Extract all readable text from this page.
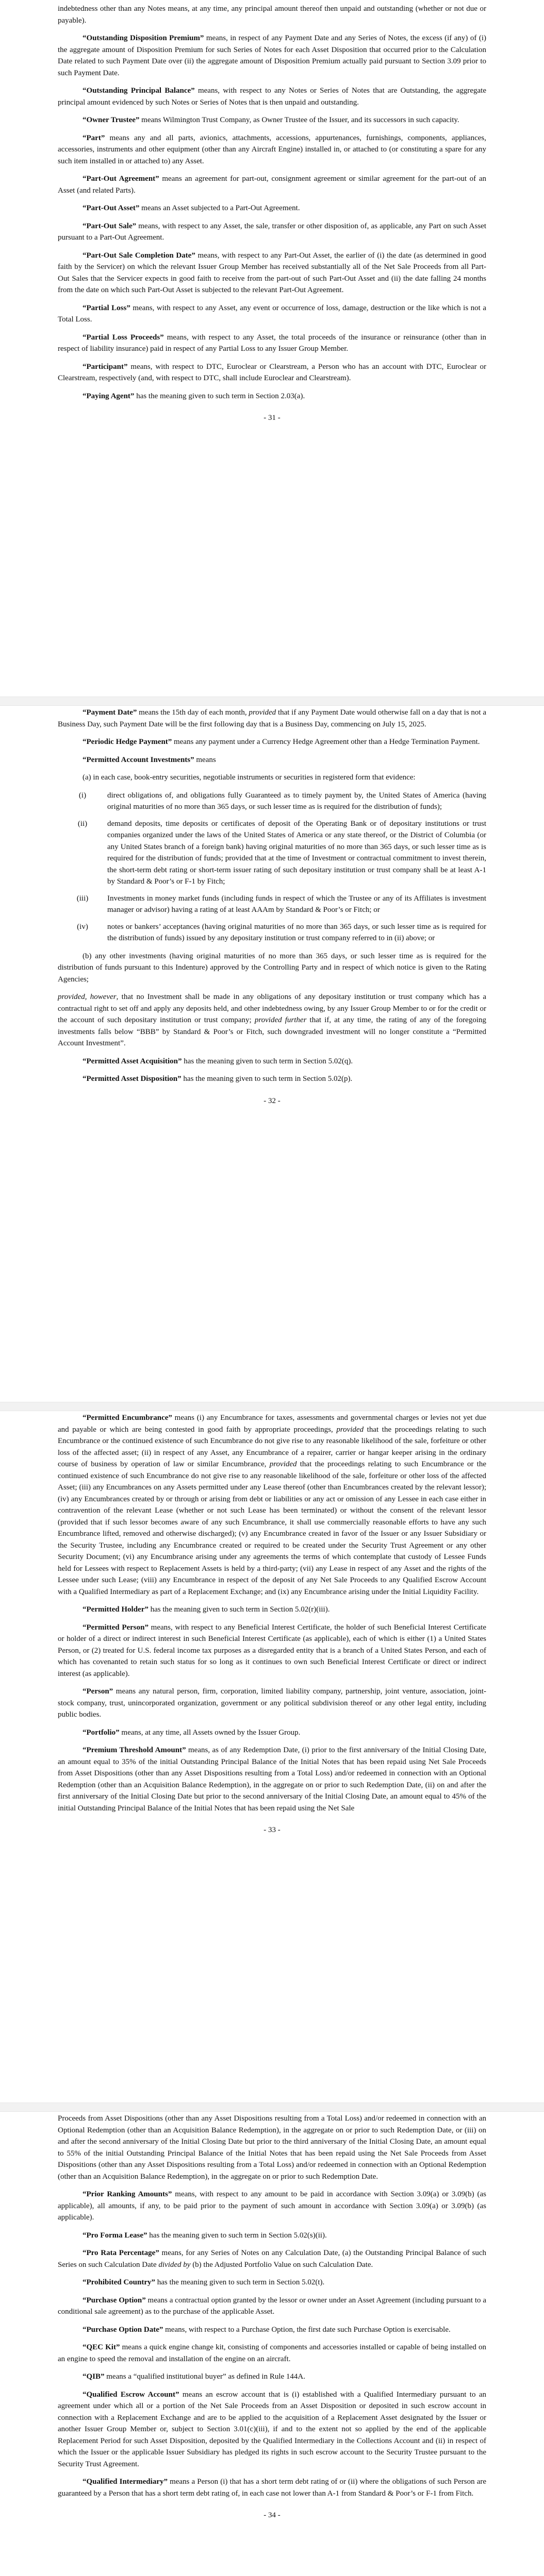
indebtedness other than any Notes means, at any time, any principal amount thereof then unpaid and outstanding (whether or not due or payable).

“Outstanding Disposition Premium” means, in respect of any Payment Date and any Series of Notes, the excess (if any) of (i) the aggregate amount of Disposition Premium for such Series of Notes for each Asset Disposition that occurred prior to the Calculation Date related to such Payment Date over (ii) the aggregate amount of Disposition Premium actually paid pursuant to Section 3.09 prior to such Payment Date.

“Outstanding Principal Balance” means, with respect to any Notes or Series of Notes that are Outstanding, the aggregate principal amount evidenced by such Notes or Series of Notes that is then unpaid and outstanding.

“Owner Trustee” means Wilmington Trust Company, as Owner Trustee of the Issuer, and its successors in such capacity.

“Part” means any and all parts, avionics, attachments, accessions, appurtenances, furnishings, components, appliances, accessories, instruments and other equipment (other than any Aircraft Engine) installed in, or attached to (or constituting a spare for any such item installed in or attached to) any Asset.

“Part-Out Agreement” means an agreement for part-out, consignment agreement or similar agreement for the part-out of an Asset (and related Parts).

“Part-Out Asset” means an Asset subjected to a Part-Out Agreement.

“Part-Out Sale” means, with respect to any Asset, the sale, transfer or other disposition of, as applicable, any Part on such Asset pursuant to a Part-Out Agreement.

“Part-Out Sale Completion Date” means, with respect to any Part-Out Asset, the earlier of (i) the date (as determined in good faith by the Servicer) on which the relevant Issuer Group Member has received substantially all of the Net Sale Proceeds from all Part-Out Sales that the Servicer expects in good faith to receive from the part-out of such Part-Out Asset and (ii) the date falling 24 months from the date on which such Part-Out Asset is subjected to the relevant Part-Out Agreement.

“Partial Loss” means, with respect to any Asset, any event or occurrence of loss, damage, destruction or the like which is not a Total Loss.

“Partial Loss Proceeds” means, with respect to any Asset, the total proceeds of the insurance or reinsurance (other than in respect of liability insurance) paid in respect of any Partial Loss to any Issuer Group Member.

“Participant” means, with respect to DTC, Euroclear or Clearstream, a Person who has an account with DTC, Euroclear or Clearstream, respectively (and, with respect to DTC, shall include Euroclear and Clearstream).

“Paying Agent” has the meaning given to such term in Section 2.03(a).

- 31 -

“Payment Date” means the 15th day of each month, provided that if any Payment Date would otherwise fall on a day that is not a Business Day, such Payment Date will be the first following day that is a Business Day, commencing on July 15, 2025.

“Periodic Hedge Payment” means any payment under a Currency Hedge Agreement other than a Hedge Termination Payment.

“Permitted Account Investments” means

(a) in each case, book-entry securities, negotiable instruments or securities in registered form that evidence:

(i)	direct obligations of, and obligations fully Guaranteed as to timely payment by, the United States of America (having original maturities of no more than 365 days, or such lesser time as is required for the distribution of funds);
(ii)	demand deposits, time deposits or certificates of deposit of the Operating Bank or of depositary institutions or trust companies organized under the laws of the United States of America or any state thereof, or the District of Columbia (or any United States branch of a foreign bank) having original maturities of no more than 365 days, or such lesser time as is required for the distribution of funds; provided that at the time of Investment or contractual commitment to invest therein, the short-term debt rating or short-term issuer rating of such depositary institution or trust company shall be at least A-1 by Standard & Poor’s or F-1 by Fitch;
(iii)	Investments in money market funds (including funds in respect of which the Trustee or any of its Affiliates is investment manager or advisor) having a rating of at least AAAm by Standard & Poor’s or Fitch; or
(iv)	notes or bankers’ acceptances (having original maturities of no more than 365 days, or such lesser time as is required for the distribution of funds) issued by any depositary institution or trust company referred to in (ii) above; or

(b) any other investments (having original maturities of no more than 365 days, or such lesser time as is required for the distribution of funds pursuant to this Indenture) approved by the Controlling Party and in respect of which notice is given to the Rating Agencies;

provided, however, that no Investment shall be made in any obligations of any depositary institution or trust company which has a contractual right to set off and apply any deposits held, and other indebtedness owing, by any Issuer Group Member to or for the credit or the account of such depositary institution or trust company; provided further that if, at any time, the rating of any of the foregoing investments falls below “BBB” by Standard & Poor’s or Fitch, such downgraded investment will no longer constitute a “Permitted Account Investment”.

“Permitted Asset Acquisition” has the meaning given to such term in Section 5.02(q).

“Permitted Asset Disposition” has the meaning given to such term in Section 5.02(p).

- 32 -

“Permitted Encumbrance” means (i) any Encumbrance for taxes, assessments and governmental charges or levies not yet due and payable or which are being contested in good faith by appropriate proceedings, provided that the proceedings relating to such Encumbrance or the continued existence of such Encumbrance do not give rise to any reasonable likelihood of the sale, forfeiture or other loss of the affected asset; (ii) in respect of any Asset, any Encumbrance of a repairer, carrier or hangar keeper arising in the ordinary course of business by operation of law or similar Encumbrance, provided that the proceedings relating to such Encumbrance or the continued existence of such Encumbrance do not give rise to any reasonable likelihood of the sale, forfeiture or other loss of the affected Asset; (iii) any Encumbrances on any Assets permitted under any Lease thereof (other than Encumbrances created by the relevant lessor); (iv) any Encumbrances created by or through or arising from debt or liabilities or any act or omission of any Lessee in each case either in contravention of the relevant Lease (whether or not such Lease has been terminated) or without the consent of the relevant lessor (provided that if such lessor becomes aware of any such Encumbrance, it shall use commercially reasonable efforts to have any such Encumbrance lifted, removed and otherwise discharged); (v) any Encumbrance created in favor of the Issuer or any Issuer Subsidiary or the Security Trustee, including any Encumbrance created or required to be created under the Security Trust Agreement or any other Security Document; (vi) any Encumbrance arising under any agreements the terms of which contemplate that custody of Lessee Funds held for Lessees with respect to Replacement Assets is held by a third-party; (vii) any Lease in respect of any Asset and the rights of the Lessee under such Lease; (viii) any Encumbrance in respect of the deposit of any Net Sale Proceeds to any Qualified Escrow Account with a Qualified Intermediary as part of a Replacement Exchange; and (ix) any Encumbrance arising under the Initial Liquidity Facility.

“Permitted Holder” has the meaning given to such term in Section 5.02(r)(iii).

“Permitted Person” means, with respect to any Beneficial Interest Certificate, the holder of such Beneficial Interest Certificate or holder of a direct or indirect interest in such Beneficial Interest Certificate (as applicable), each of which is either (1) a United States Person, or (2) treated for U.S. federal income tax purposes as a disregarded entity that is a branch of a United States Person, and each of which has covenanted to retain such status for so long as it continues to own such Beneficial Interest Certificate or direct or indirect interest (as applicable).

“Person” means any natural person, firm, corporation, limited liability company, partnership, joint venture, association, joint-stock company, trust, unincorporated organization, government or any political subdivision thereof or any other legal entity, including public bodies.

“Portfolio” means, at any time, all Assets owned by the Issuer Group.

“Premium Threshold Amount” means, as of any Redemption Date, (i) prior to the first anniversary of the Initial Closing Date, an amount equal to 35% of the initial Outstanding Principal Balance of the Initial Notes that has been repaid using Net Sale Proceeds from Asset Dispositions (other than any Asset Dispositions resulting from a Total Loss) and/or redeemed in connection with an Optional Redemption (other than an Acquisition Balance Redemption), in the aggregate on or prior to such Redemption Date, (ii) on and after the first anniversary of the Initial Closing Date but prior to the second anniversary of the Initial Closing Date, an amount equal to 45% of the initial Outstanding Principal Balance of the Initial Notes that has been repaid using the Net Sale

- 33 -

Proceeds from Asset Dispositions (other than any Asset Dispositions resulting from a Total Loss) and/or redeemed in connection with an Optional Redemption (other than an Acquisition Balance Redemption), in the aggregate on or prior to such Redemption Date, or (iii) on and after the second anniversary of the Initial Closing Date but prior to the third anniversary of the Initial Closing Date, an amount equal to 55% of the initial Outstanding Principal Balance of the Initial Notes that has been repaid using the Net Sale Proceeds from Asset Dispositions (other than any Asset Dispositions resulting from a Total Loss) and/or redeemed in connection with an Optional Redemption (other than an Acquisition Balance Redemption), in the aggregate on or prior to such Redemption Date.

“Prior Ranking Amounts” means, with respect to any amount to be paid in accordance with Section 3.09(a) or 3.09(b) (as applicable), all amounts, if any, to be paid prior to the payment of such amount in accordance with Section 3.09(a) or 3.09(b) (as applicable).

“Pro Forma Lease” has the meaning given to such term in Section 5.02(s)(ii).

“Pro Rata Percentage” means, for any Series of Notes on any Calculation Date, (a) the Outstanding Principal Balance of such Series on such Calculation Date divided by (b) the Adjusted Portfolio Value on such Calculation Date.

“Prohibited Country” has the meaning given to such term in Section 5.02(t).

“Purchase Option” means a contractual option granted by the lessor or owner under an Asset Agreement (including pursuant to a conditional sale agreement) as to the purchase of the applicable Asset.

“Purchase Option Date” means, with respect to a Purchase Option, the first date such Purchase Option is exercisable.

“QEC Kit” means a quick engine change kit, consisting of components and accessories installed or capable of being installed on an engine to speed the removal and installation of the engine on an aircraft.

“QIB” means a “qualified institutional buyer” as defined in Rule 144A.

“Qualified Escrow Account” means an escrow account that is (i) established with a Qualified Intermediary pursuant to an agreement under which all or a portion of the Net Sale Proceeds from an Asset Disposition or deposited in such escrow account in connection with a Replacement Exchange and are to be applied to the acquisition of a Replacement Asset designated by the Issuer or another Issuer Group Member or, subject to Section 3.01(c)(iii), if and to the extent not so applied by the end of the applicable Replacement Period for such Asset Disposition, deposited by the Qualified Intermediary in the Collections Account and (ii) in respect of which the Issuer or the applicable Issuer Subsidiary has pledged its rights in such escrow account to the Security Trustee pursuant to the Security Trust Agreement.

“Qualified Intermediary” means a Person (i) that has a short term debt rating of or (ii) where the obligations of such Person are guaranteed by a Person that has a short term debt rating of, in each case not lower than A-1 from Standard & Poor’s or F-1 from Fitch.

- 34 -
